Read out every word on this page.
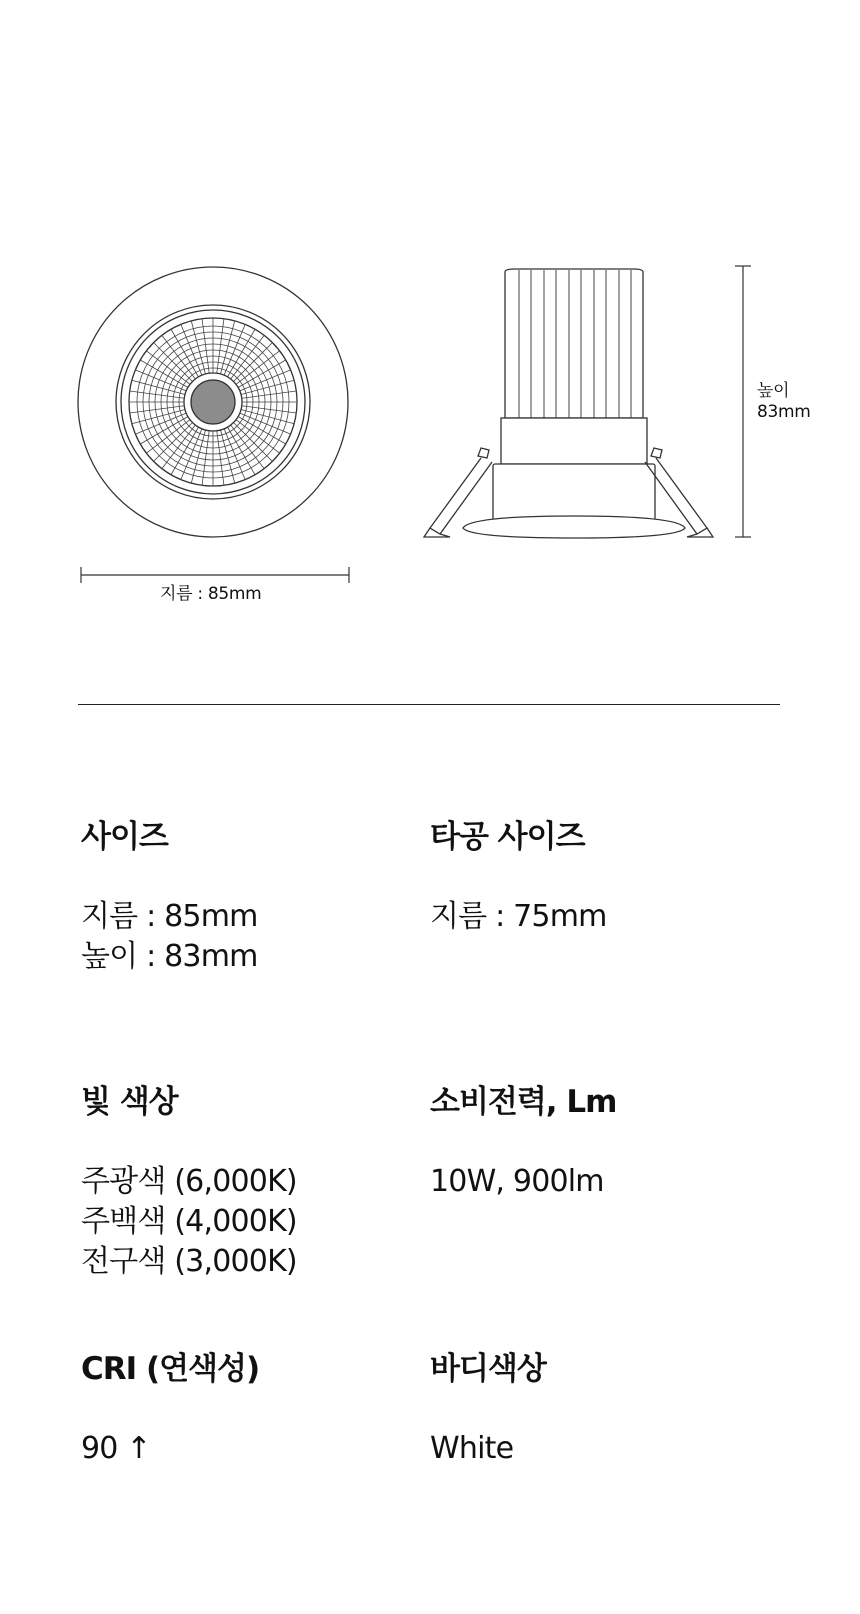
지름 : 85mm
높이
83mm
사이즈
지름 : 85mm
높이 : 83mm
타공 사이즈
지름 : 75mm
빛 색상
주광색 (6,000K)
주백색 (4,000K)
전구색 (3,000K)
소비전력, Lm
10W, 900lm
CRI (연색성)
90 ↑
바디색상
White
